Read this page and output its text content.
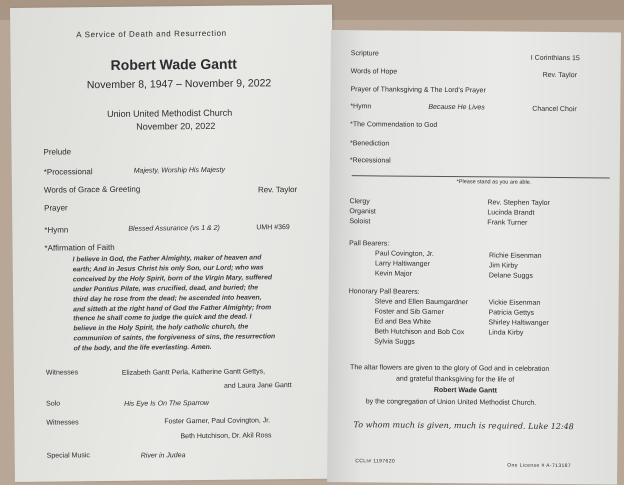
A Service of Death and Resurrection
Robert Wade Gantt
November 8, 1947 – November 9, 2022
Union United Methodist Church
November 20, 2022
Prelude
*Processional	Majesty, Worship His Majesty
Words of Grace & Greeting	Rev. Taylor
Prayer
*Hymn	Blessed Assurance (vs 1 & 2)	UMH #369
*Affirmation of Faith
I believe in God, the Father Almighty, maker of heaven and
earth; And in Jesus Christ his only Son, our Lord; who was
conceived by the Holy Spirit, born of the Virgin Mary, suffered
under Pontius Pilate, was crucified, dead, and buried; the
third day he rose from the dead; he ascended into heaven,
and sitteth at the right hand of God the Father Almighty; from
thence he shall come to judge the quick and the dead. I
believe in the Holy Spirit, the holy catholic church, the
communion of saints, the forgiveness of sins, the resurrection
of the body, and the life everlasting. Amen.
Witnesses	Elizabeth Gantt Perla, Katherine Gantt Gettys,
and Laura Jane Gantt
Solo	His Eye Is On The Sparrow
Witnesses	Foster Garner, Paul Covington, Jr.
Beth Hutchison, Dr. Akil Ross
Special Music	River in Judea
Scripture
I Corinthians 15
Words of Hope	Rev. Taylor
Prayer of Thanksgiving & The Lord's Prayer
*Hymn	Because He Lives	Chancel Choir
*The Commendation to God
*Benediction
*Recessional
*Please stand as you are able.
Clergy	Rev. Stephen Taylor
Organist	Lucinda Brandt
Soloist	Frank Turner
Pall Bearers:
Paul Covington, Jr.
Larry Haltiwanger
Kevin Major
Richie Eisenman
Jim Kirby
Delane Suggs
Honorary Pall Bearers:
Steve and Ellen Baumgardner
Foster and Sib Garner
Ed and Bea White
Beth Hutchison and Bob Cox
Sylvia Suggs
Vickie Eisenman
Patricia Gettys
Shirley Haltiwanger
Linda Kirby
The altar flowers are given to the glory of God and in celebration
and grateful thanksgiving for the life of
Robert Wade Gantt
by the congregation of Union United Methodist Church.
To whom much is given, much is required. Luke 12:48
CCLI# 1197620
One License # A-713187
